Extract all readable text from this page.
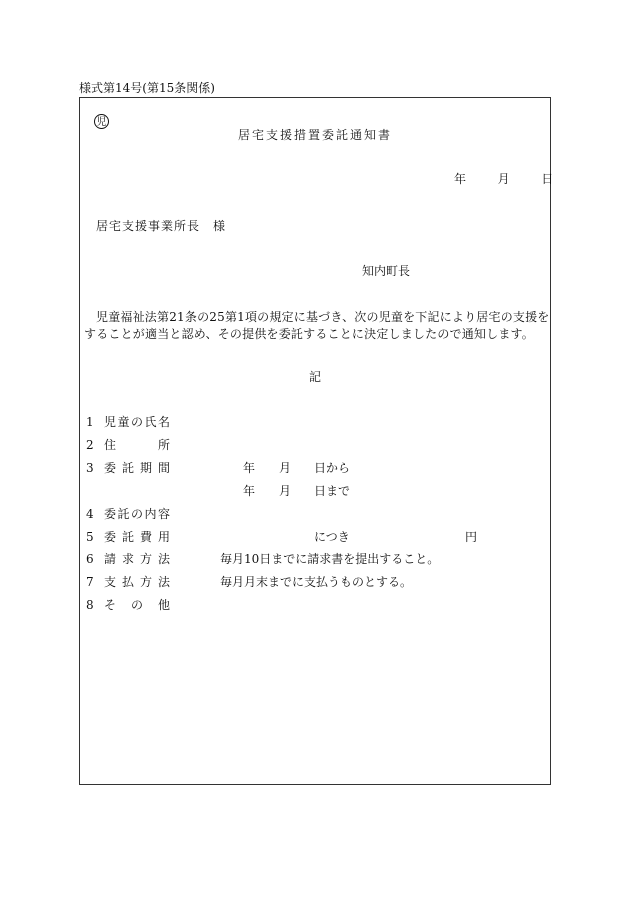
様式第14号(第15条関係)
児
居宅支援措置委託通知書
年	月	日
居宅支援事業所長　様
知内町長
児童福祉法第21条の25第1項の規定に基づき、次の児童を下記により居宅の支援をすることが適当と認め、その提供を委託することに決定しましたので通知します。
記
1 児 童 の 氏 名
2 住	所
3 委 託 期 間	年 月 日から
年 月 日まで
4 委 託 の 内 容
5 委 託 費 用	につき	円
6 請 求 方 法	毎月10日までに請求書を提出すること。
7 支 払 方 法	毎月月末までに支払うものとする。
8 そ の 他
